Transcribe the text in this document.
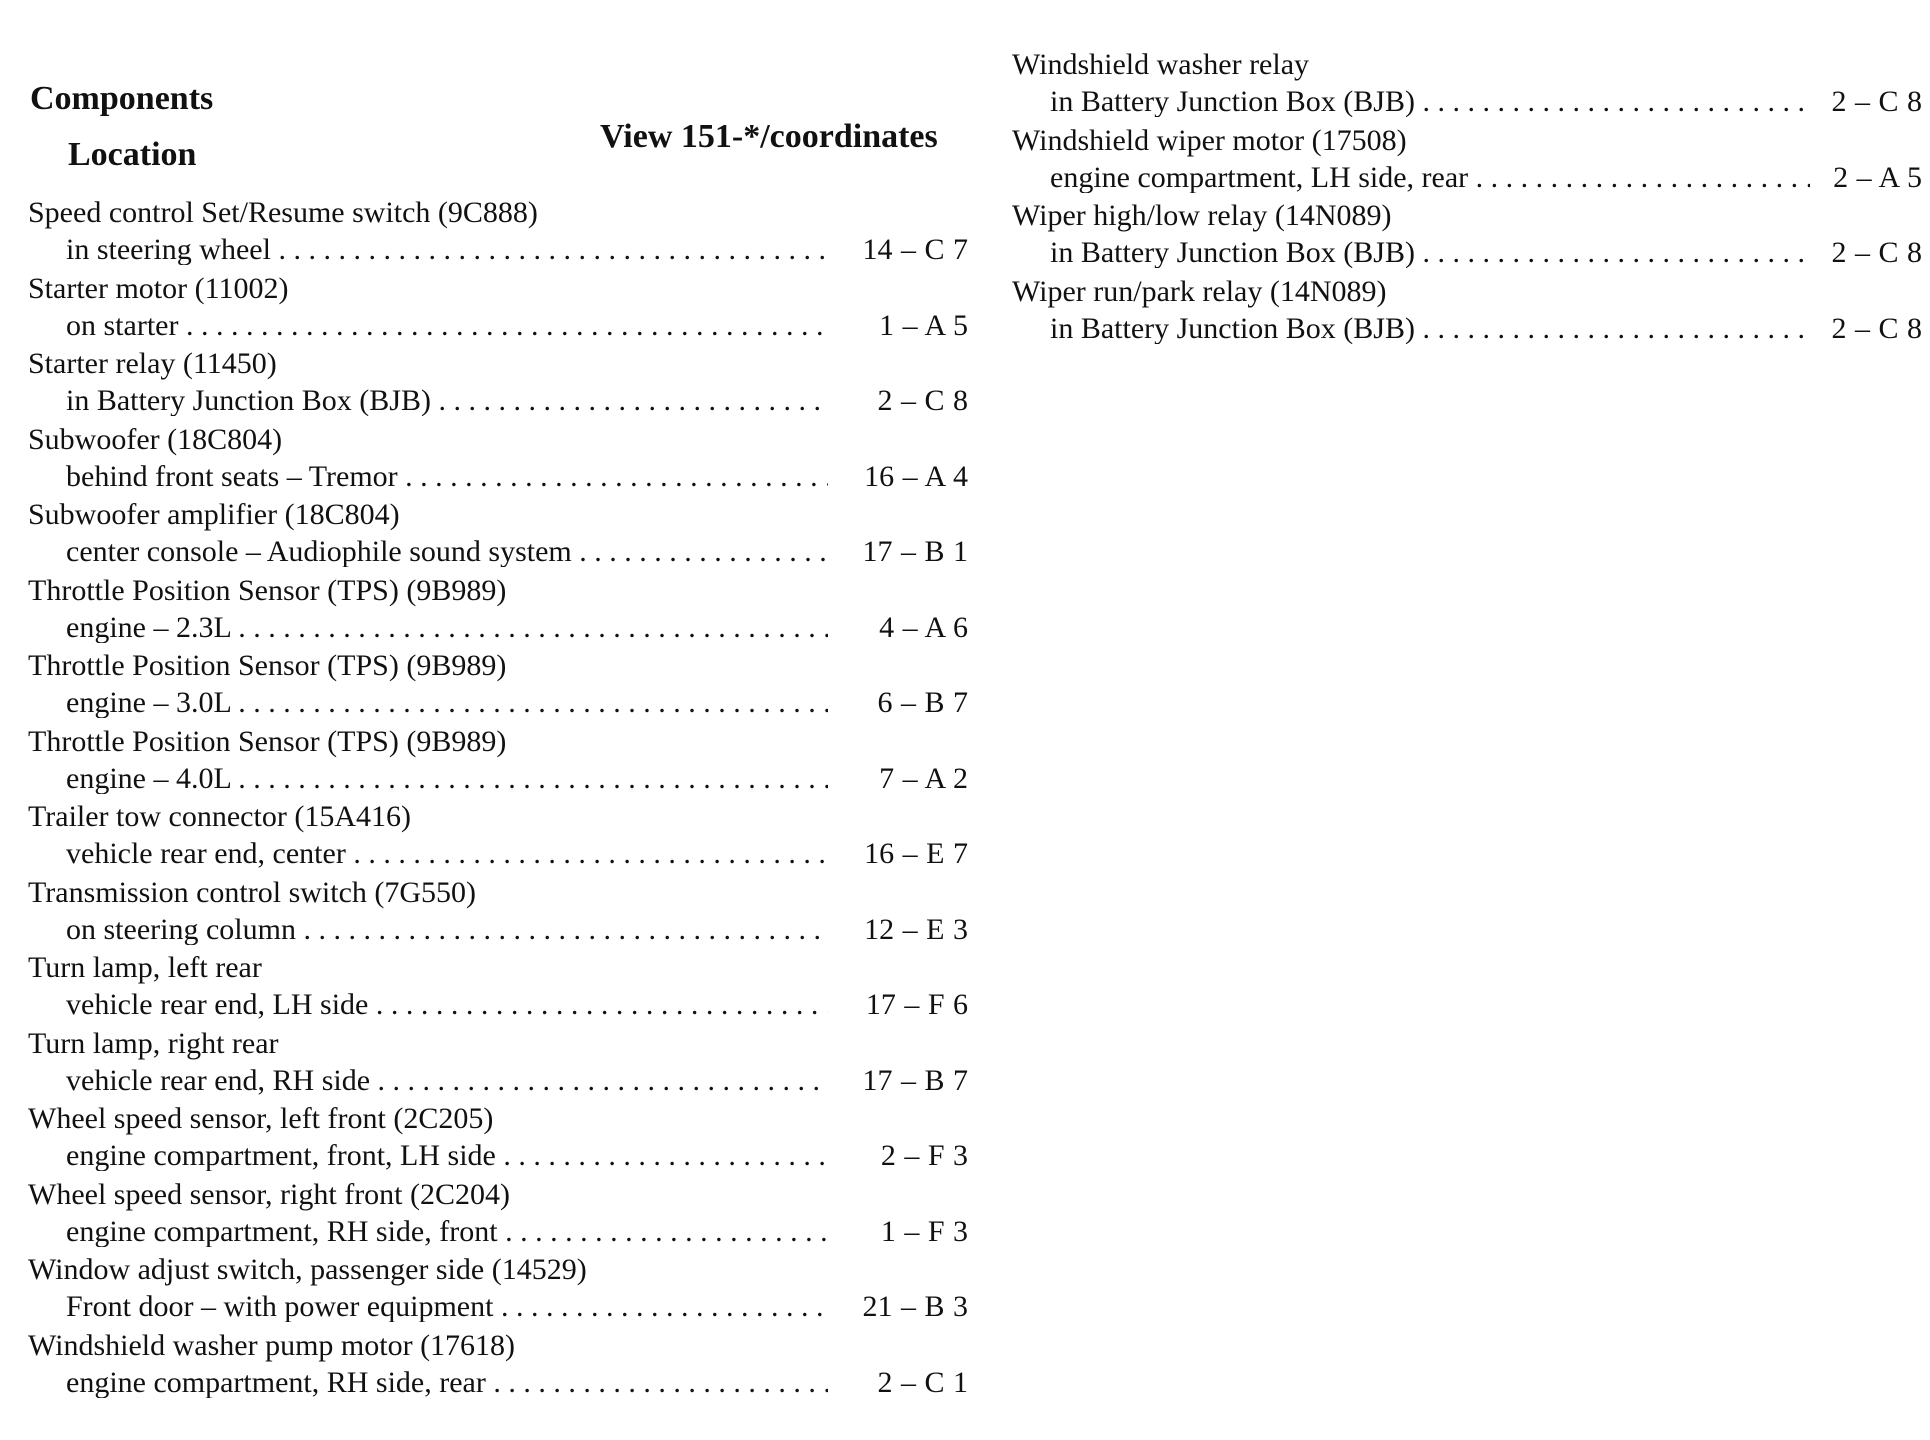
Components
Location	View 151-*/coordinates
Speed control Set/Resume switch (9C888)
in steering wheel . . .	14 – C 7
Starter motor (11002)
on starter . . .	1 – A 5
Starter relay (11450)
in Battery Junction Box (BJB) . . .	2 – C 8
Subwoofer (18C804)
behind front seats – Tremor . . .	16 – A 4
Subwoofer amplifier (18C804)
center console – Audiophile sound system . . .	17 – B 1
Throttle Position Sensor (TPS) (9B989)
engine – 2.3L . . .	4 – A 6
Throttle Position Sensor (TPS) (9B989)
engine – 3.0L . . .	6 – B 7
Throttle Position Sensor (TPS) (9B989)
engine – 4.0L . . .	7 – A 2
Trailer tow connector (15A416)
vehicle rear end, center . . .	16 – E 7
Transmission control switch (7G550)
on steering column . . .	12 – E 3
Turn lamp, left rear
vehicle rear end, LH side . . .	17 – F 6
Turn lamp, right rear
vehicle rear end, RH side . . .	17 – B 7
Wheel speed sensor, left front (2C205)
engine compartment, front, LH side . . .	2 – F 3
Wheel speed sensor, right front (2C204)
engine compartment, RH side, front . . .	1 – F 3
Window adjust switch, passenger side (14529)
Front door – with power equipment . . .	21 – B 3
Windshield washer pump motor (17618)
engine compartment, RH side, rear . . .	2 – C 1
Windshield washer relay
in Battery Junction Box (BJB) . . .	2 – C 8
Windshield wiper motor (17508)
engine compartment, LH side, rear . . .	2 – A 5
Wiper high/low relay (14N089)
in Battery Junction Box (BJB) . . .	2 – C 8
Wiper run/park relay (14N089)
in Battery Junction Box (BJB) . . .	2 – C 8
